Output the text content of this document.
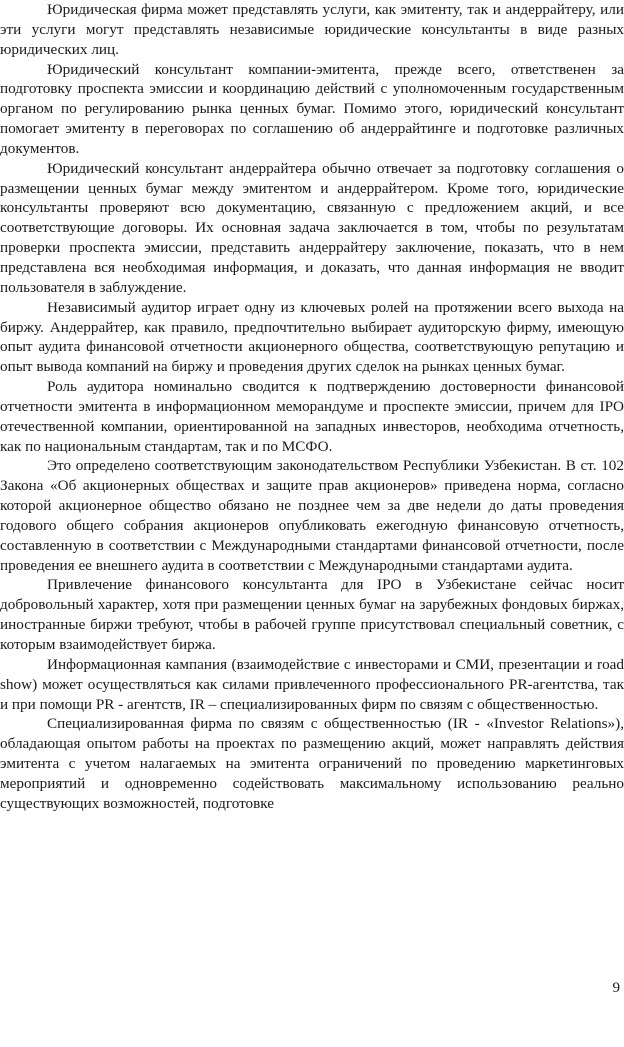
Юридическая фирма может представлять услуги, как эмитенту, так и андеррайтеру, или эти услуги могут представлять независимые юридические консультанты в виде разных юридических лиц.

Юридический консультант компании-эмитента, прежде всего, ответственен за подготовку проспекта эмиссии и координацию действий с уполномоченным государственным органом по регулированию рынка ценных бумаг. Помимо этого, юридический консультант помогает эмитенту в переговорах по соглашению об андеррайтинге и подготовке различных документов.

Юридический консультант андеррайтера обычно отвечает за подготовку соглашения о размещении ценных бумаг между эмитентом и андеррайтером. Кроме того, юридические консультанты проверяют всю документацию, связанную с предложением акций, и все соответствующие договоры. Их основная задача заключается в том, чтобы по результатам проверки проспекта эмиссии, представить андеррайтеру заключение, показать, что в нем представлена вся необходимая информация, и доказать, что данная информация не вводит пользователя в заблуждение.

Независимый аудитор играет одну из ключевых ролей на протяжении всего выхода на биржу. Андеррайтер, как правило, предпочтительно выбирает аудиторскую фирму, имеющую опыт аудита финансовой отчетности акционерного общества, соответствующую репутацию и опыт вывода компаний на биржу и проведения других сделок на рынках ценных бумаг.

Роль аудитора номинально сводится к подтверждению достоверности финансовой отчетности эмитента в информационном меморандуме и проспекте эмиссии, причем для IPO отечественной компании, ориентированной на западных инвесторов, необходима отчетность, как по национальным стандартам, так и по МСФО.

Это определено соответствующим законодательством Республики Узбекистан. В ст. 102 Закона «Об акционерных обществах и защите прав акционеров» приведена норма, согласно которой акционерное общество обязано не позднее чем за две недели до даты проведения годового общего собрания акционеров опубликовать ежегодную финансовую отчетность, составленную в соответствии с Международными стандартами финансовой отчетности, после проведения ее внешнего аудита в соответствии с Международными стандартами аудита.

Привлечение финансового консультанта для IPO в Узбекистане сейчас носит добровольный характер, хотя при размещении ценных бумаг на зарубежных фондовых биржах, иностранные биржи требуют, чтобы в рабочей группе присутствовал специальный советник, с которым взаимодействует биржа.

Информационная кампания (взаимодействие с инвесторами и СМИ, презентации и road show) может осуществляться как силами привлеченного профессионального PR-агентства, так и при помощи PR - агентств, IR – специализированных фирм по связям с общественностью.

Специализированная фирма по связям с общественностью (IR - «Investor Relations»), обладающая опытом работы на проектах по размещению акций, может направлять действия эмитента с учетом налагаемых на эмитента ограничений по проведению маркетинговых мероприятий и одновременно содействовать максимальному использованию реально существующих возможностей, подготовке

9
